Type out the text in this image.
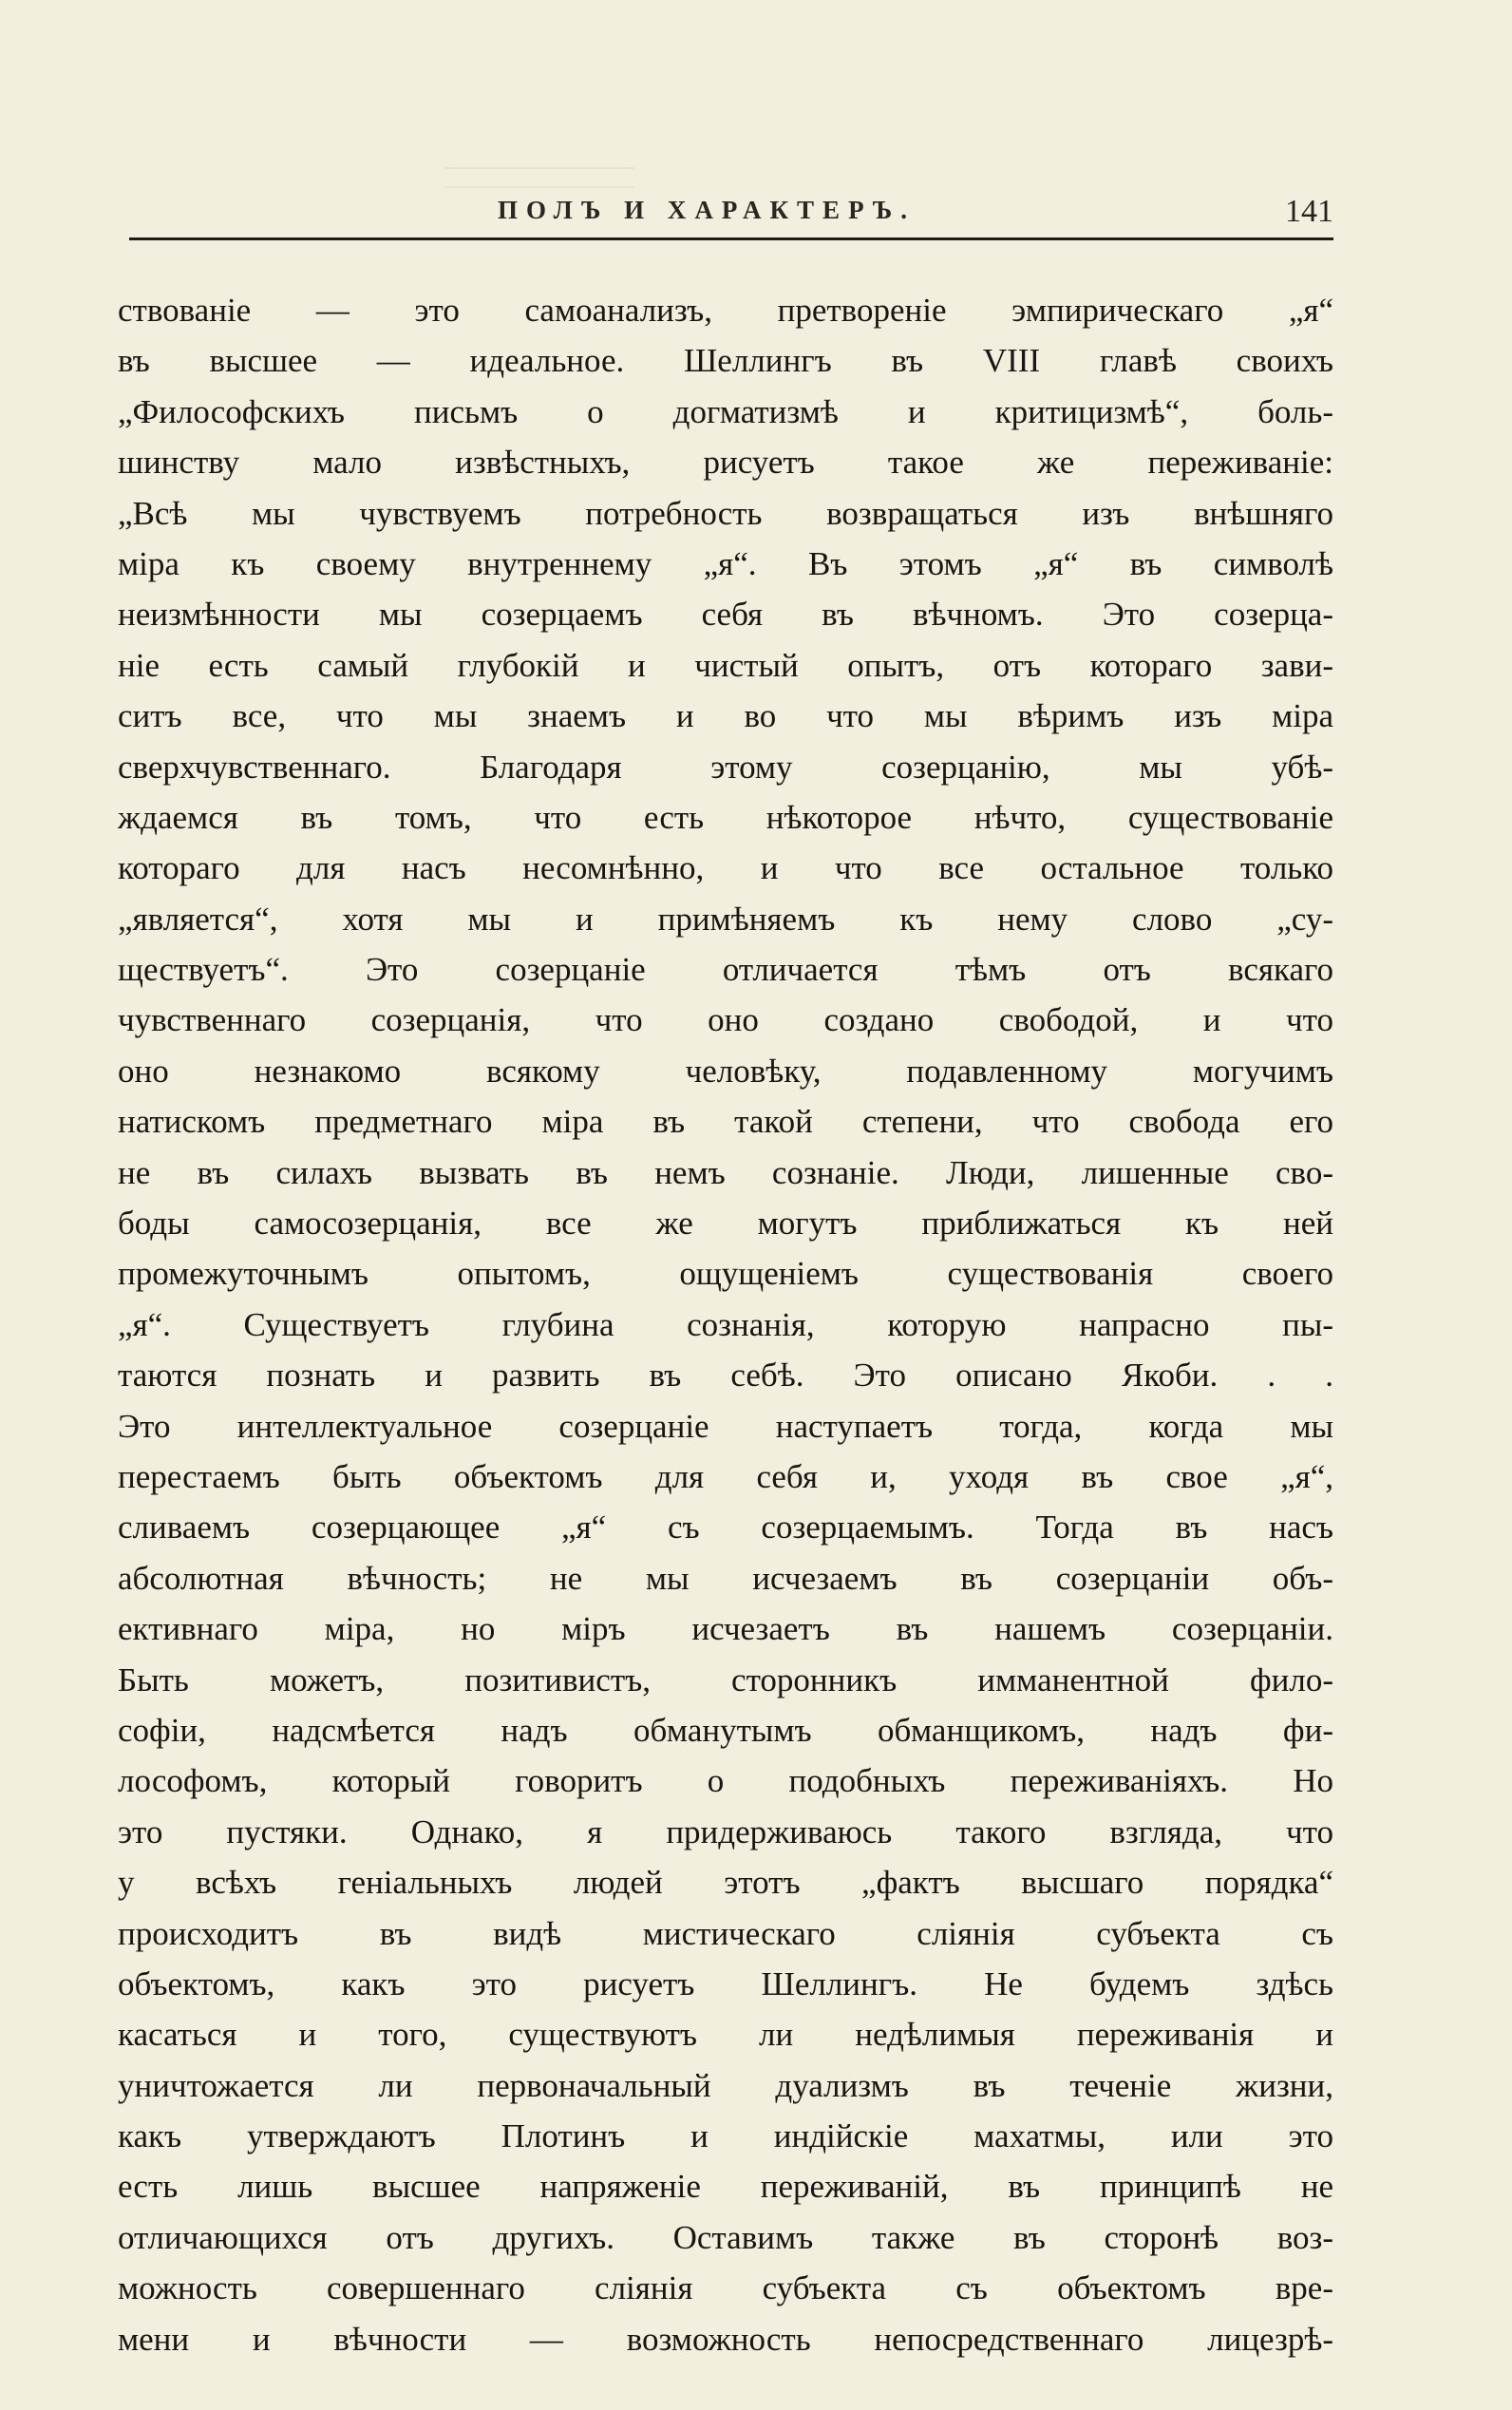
ПОЛЪ И ХАРАКТЕРЪ.	141
ствованіе — это самоанализъ, претвореніе эмпирическаго „я“
въ высшее — идеальное. Шеллингъ въ VIII главѣ своихъ
„Философскихъ письмъ о догматизмѣ и критицизмѣ“, боль-
шинству мало извѣстныхъ, рисуетъ такое же переживаніе:
„Всѣ мы чувствуемъ потребность возвращаться изъ внѣшняго
міра къ своему внутреннему „я“. Въ этомъ „я“ въ символѣ
неизмѣнности мы созерцаемъ себя въ вѣчномъ. Это созерца-
ніе есть самый глубокій и чистый опытъ, отъ котораго зави-
ситъ все, что мы знаемъ и во что мы вѣримъ изъ міра
сверхчувственнаго. Благодаря этому созерцанію, мы убѣ-
ждаемся въ томъ, что есть нѣкоторое нѣчто, существованіе
котораго для насъ несомнѣнно, и что все остальное только
„является“, хотя мы и примѣняемъ къ нему слово „су-
ществуетъ“. Это созерцаніе отличается тѣмъ отъ всякаго
чувственнаго созерцанія, что оно создано свободой, и что
оно незнакомо всякому человѣку, подавленному могучимъ
натискомъ предметнаго міра въ такой степени, что свобода его
не въ силахъ вызвать въ немъ сознаніе. Люди, лишенные сво-
боды самосозерцанія, все же могутъ приближаться къ ней
промежуточнымъ опытомъ, ощущеніемъ существованія своего
„я“. Существуетъ глубина сознанія, которую напрасно пы-
таются познать и развить въ себѣ. Это описано Якоби. . .
Это интеллектуальное созерцаніе наступаетъ тогда, когда мы
перестаемъ быть объектомъ для себя и, уходя въ свое „я“,
сливаемъ созерцающее „я“ съ созерцаемымъ. Тогда въ насъ
абсолютная вѣчность; не мы исчезаемъ въ созерцаніи объ-
ективнаго міра, но міръ исчезаетъ въ нашемъ созерцаніи.
Быть можетъ, позитивистъ, сторонникъ имманентной фило-
софіи, надсмѣется надъ обманутымъ обманщикомъ, надъ фи-
лософомъ, который говоритъ о подобныхъ переживаніяхъ. Но
это пустяки. Однако, я придерживаюсь такого взгляда, что
у всѣхъ геніальныхъ людей этотъ „фактъ высшаго порядка“
происходитъ въ видѣ мистическаго слiянiя субъекта съ
объектомъ, какъ это рисуетъ Шеллингъ. Не будемъ здѣсь
касаться и того, существуютъ ли недѣлимыя переживанія и
уничтожается ли первоначальный дуализмъ въ теченіе жизни,
какъ утверждаютъ Плотинъ и индійскіе махатмы, или это
есть лишь высшее напряженіе переживаній, въ принципѣ не
отличающихся отъ другихъ. Оставимъ также въ сторонѣ воз-
можность совершеннаго слiянiя субъекта съ объектомъ вре-
мени и вѣчности — возможность непосредственнаго лицезрѣ-
